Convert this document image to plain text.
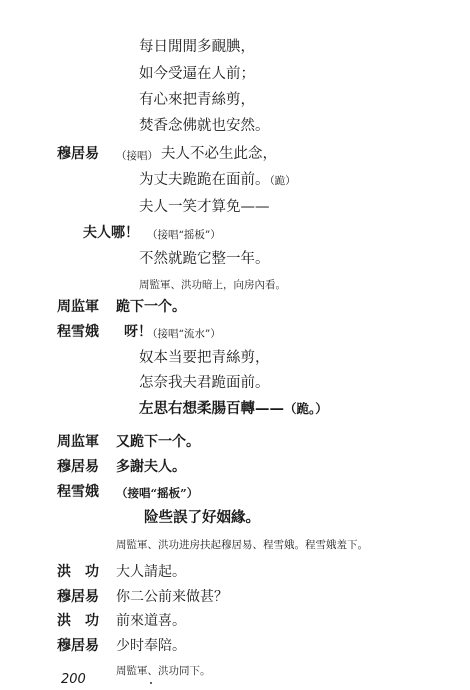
每日閒閒多靦腆，
如今受逼在人前；
有心來把青絲剪，
焚香念佛就也安然。
穆居易 （接唱） 夫人不必生此念，
为丈夫跪跪在面前。（跪）
夫人一笑才算免——
夫人哪！ （接唱“摇板”）
不然就跪它整一年。
周監軍、洪功暗上，向房內看。
周监軍 跪下一个。
程雪娥 呀！
（接唱“流水”）
奴本当要把青絲剪，
怎奈我夫君跪面前。
左思右想柔腸百轉——（跪。）
周监軍 又跪下一个。
穆居易 多謝夫人。
程雪娥 （接唱“摇板”）
险些誤了好姻緣。
周監軍、洪功进房扶起穆居易、程雪娥。程雪娥羞下。
洪　功 大人請起。
穆居易 你二公前来做甚？
洪　功 前來道喜。
200
穆居易 少时奉陪。
周監軍、洪功同下。
